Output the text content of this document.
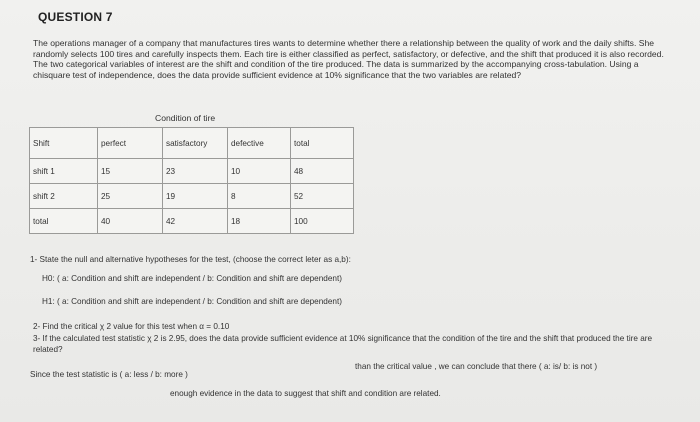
QUESTION 7
The operations manager of a company that manufactures tires wants to determine whether there a relationship between the quality of work and the daily shifts. She randomly selects 100 tires and carefully inspects them. Each tire is either classified as perfect, satisfactory, or defective, and the shift that produced it is also recorded. The two categorical variables of interest are the shift and condition of the tire produced. The data is summarized by the accompanying cross-tabulation. Using a chisquare test of independence, does the data provide sufficient evidence at 10% significance that the two variables are related?
Condition of tire
Shift	perfect	satisfactory	defective	total
shift 1	15	23	10	48
shift 2	25	19	8	52
total	40	42	18	100
1- State the null and alternative hypotheses for the test, (choose the correct leter as a,b):
H0: ( a: Condition and shift are independent / b: Condition and shift are dependent)
H1: ( a: Condition and shift are independent / b: Condition and shift are dependent)
2- Find the critical χ 2 value for this test when α = 0.10
3- If the calculated test statistic χ 2 is 2.95, does the data provide sufficient evidence at 10% significance that the condition of the tire and the shift that produced the tire are related?
than the critical value , we can conclude that there ( a: is/ b: is not )
Since the test statistic is ( a: less / b: more )
enough evidence in the data to suggest that shift and condition are related.
